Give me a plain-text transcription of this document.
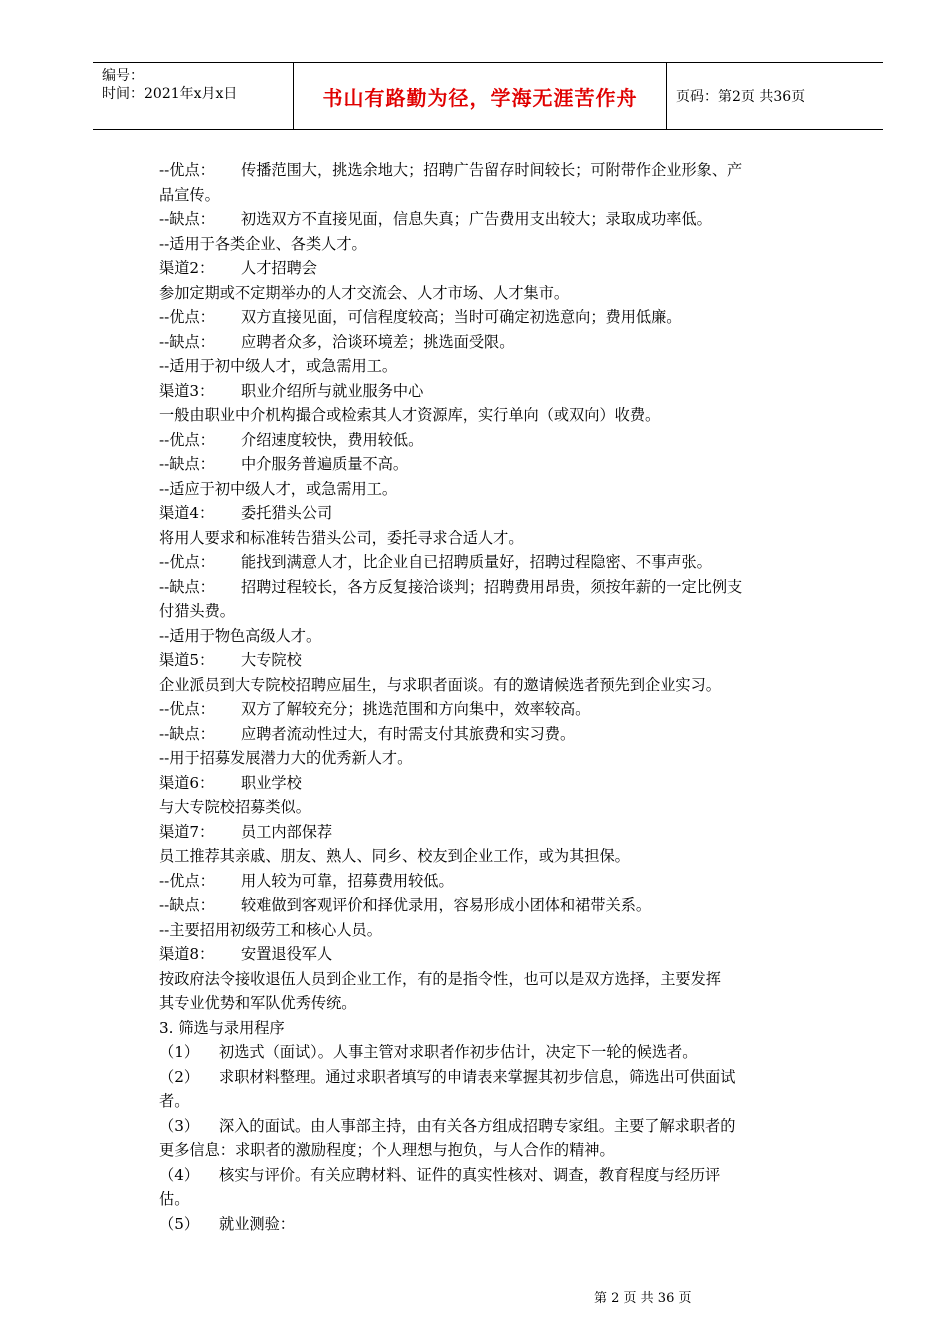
编号：
时间：2021年x月x日	书山有路勤为径，学海无涯苦作舟	页码：第2页 共36页

--优点： 传播范围大，挑选余地大；招聘广告留存时间较长；可附带作企业形象、产

品宣传。

--缺点： 初选双方不直接见面，信息失真；广告费用支出较大；录取成功率低。

--适用于各类企业、各类人才。

渠道2： 人才招聘会

参加定期或不定期举办的人才交流会、人才市场、人才集市。

--优点： 双方直接见面，可信程度较高；当时可确定初选意向；费用低廉。

--缺点： 应聘者众多，洽谈环境差；挑选面受限。

--适用于初中级人才，或急需用工。

渠道3： 职业介绍所与就业服务中心

一般由职业中介机构撮合或检索其人才资源库，实行单向（或双向）收费。

--优点： 介绍速度较快，费用较低。

--缺点： 中介服务普遍质量不高。

--适应于初中级人才，或急需用工。

渠道4： 委托猎头公司

将用人要求和标准转告猎头公司，委托寻求合适人才。

--优点： 能找到满意人才，比企业自已招聘质量好，招聘过程隐密、不事声张。

--缺点： 招聘过程较长，各方反复接洽谈判；招聘费用昂贵，须按年薪的一定比例支

付猎头费。

--适用于物色高级人才。

渠道5： 大专院校

企业派员到大专院校招聘应届生，与求职者面谈。有的邀请候选者预先到企业实习。

--优点： 双方了解较充分；挑选范围和方向集中，效率较高。

--缺点： 应聘者流动性过大，有时需支付其旅费和实习费。

--用于招募发展潜力大的优秀新人才。

渠道6： 职业学校

与大专院校招募类似。

渠道7： 员工内部保荐

员工推荐其亲戚、朋友、熟人、同乡、校友到企业工作，或为其担保。

--优点： 用人较为可靠，招募费用较低。

--缺点： 较难做到客观评价和择优录用，容易形成小团体和裙带关系。

--主要招用初级劳工和核心人员。

渠道8： 安置退役军人

按政府法令接收退伍人员到企业工作，有的是指令性，也可以是双方选择，主要发挥

其专业优势和军队优秀传统。

3. 筛选与录用程序

（1） 初选式（面试）。人事主管对求职者作初步估计，决定下一轮的候选者。

（2） 求职材料整理。通过求职者填写的申请表来掌握其初步信息，筛选出可供面试

者。

（3） 深入的面试。由人事部主持，由有关各方组成招聘专家组。主要了解求职者的

更多信息：求职者的激励程度；个人理想与抱负，与人合作的精神。

（4） 核实与评价。有关应聘材料、证件的真实性核对、调查，教育程度与经历评

估。

（5） 就业测验：

第 2 页 共 36 页
